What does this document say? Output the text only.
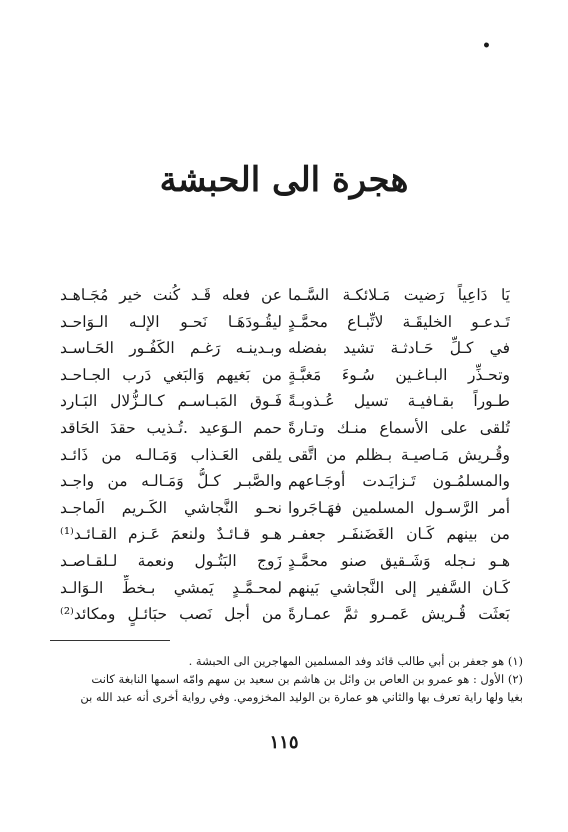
•
هجرة الى الحبشة
يَا دَاعِياً رَضيت مَـلائكـة السَّـما
تَـدعـو الخليقَـة لاتِّبـاع محمَّـدٍ
في كـلِّ حَـادثـة تشيد بفضله
وتحـذِّر البـاغـين سُـوءَ مَغبَّـةٍ
طـوراً بقـافيـة تسيل عُـذوبـةً
تُلقى على الأسماع منـك وتـارةً
وقُـريش مَـاصيـة بـظلم من اتَّقى
والمسلمُـون تَـزايَـدت أوجَـاعهم
أمر الرَّسـول المسلمين فهَـاجَروا
من بينهم كَـان الغَضَنفَـر جعفـر
هـو نـجله وَشَـقيق صنو محمَّـدٍ
كَـان السَّفير إلى النَّجاشي بَينهم
بَعثَت قُـريش عَمـرو ثمَّ عمـارةً
عن فعله قَـد كُنت خير مُجَـاهـد
ليقُـودَهَـا نَحـو الإلـه الـوَاحـد
وبـدينـه رَغـم الكَفُـور الحَـاسـد
من بَغيهم وَالبَغي دَرب الجـاحـد
فَـوق المَبـاسـم كـالـزُّلال البَـارد
حمم الـوَعيد .تُـذيب حقدَ الحَاقد
يلقى العَـذاب وَمَـالـه من ذَائـد
والصَّبـر كـلُّ وَمَـالـه من واجـد
نحـو النَّجاشي الكَـريم الَماجـد
هـو قـائـدٌ ولنعمَ عَـزم القـائـد⁽¹⁾
زَوج البَتُـول ونعمة لـلقـاصـد
لمحـمَّـدٍ يَمشي بـخطِّ الـوَالـد
من أجل نَصب حبَائـلٍ ومكائد⁽²⁾
(١) هو جعفر بن أبي طالب قائد وفد المسلمين المهاجرين الى الحبشة .
(٢) الأول : هو عمرو بن العاص بن وائل بن هاشم بن سعيد بن سهم وامّه اسمها النابغة كانت
بغيا ولها راية تعرف بها والثاني هو عمارة بن الوليد المخزومي. وفي رواية أخرى أنه عبد الله بن
١١٥
